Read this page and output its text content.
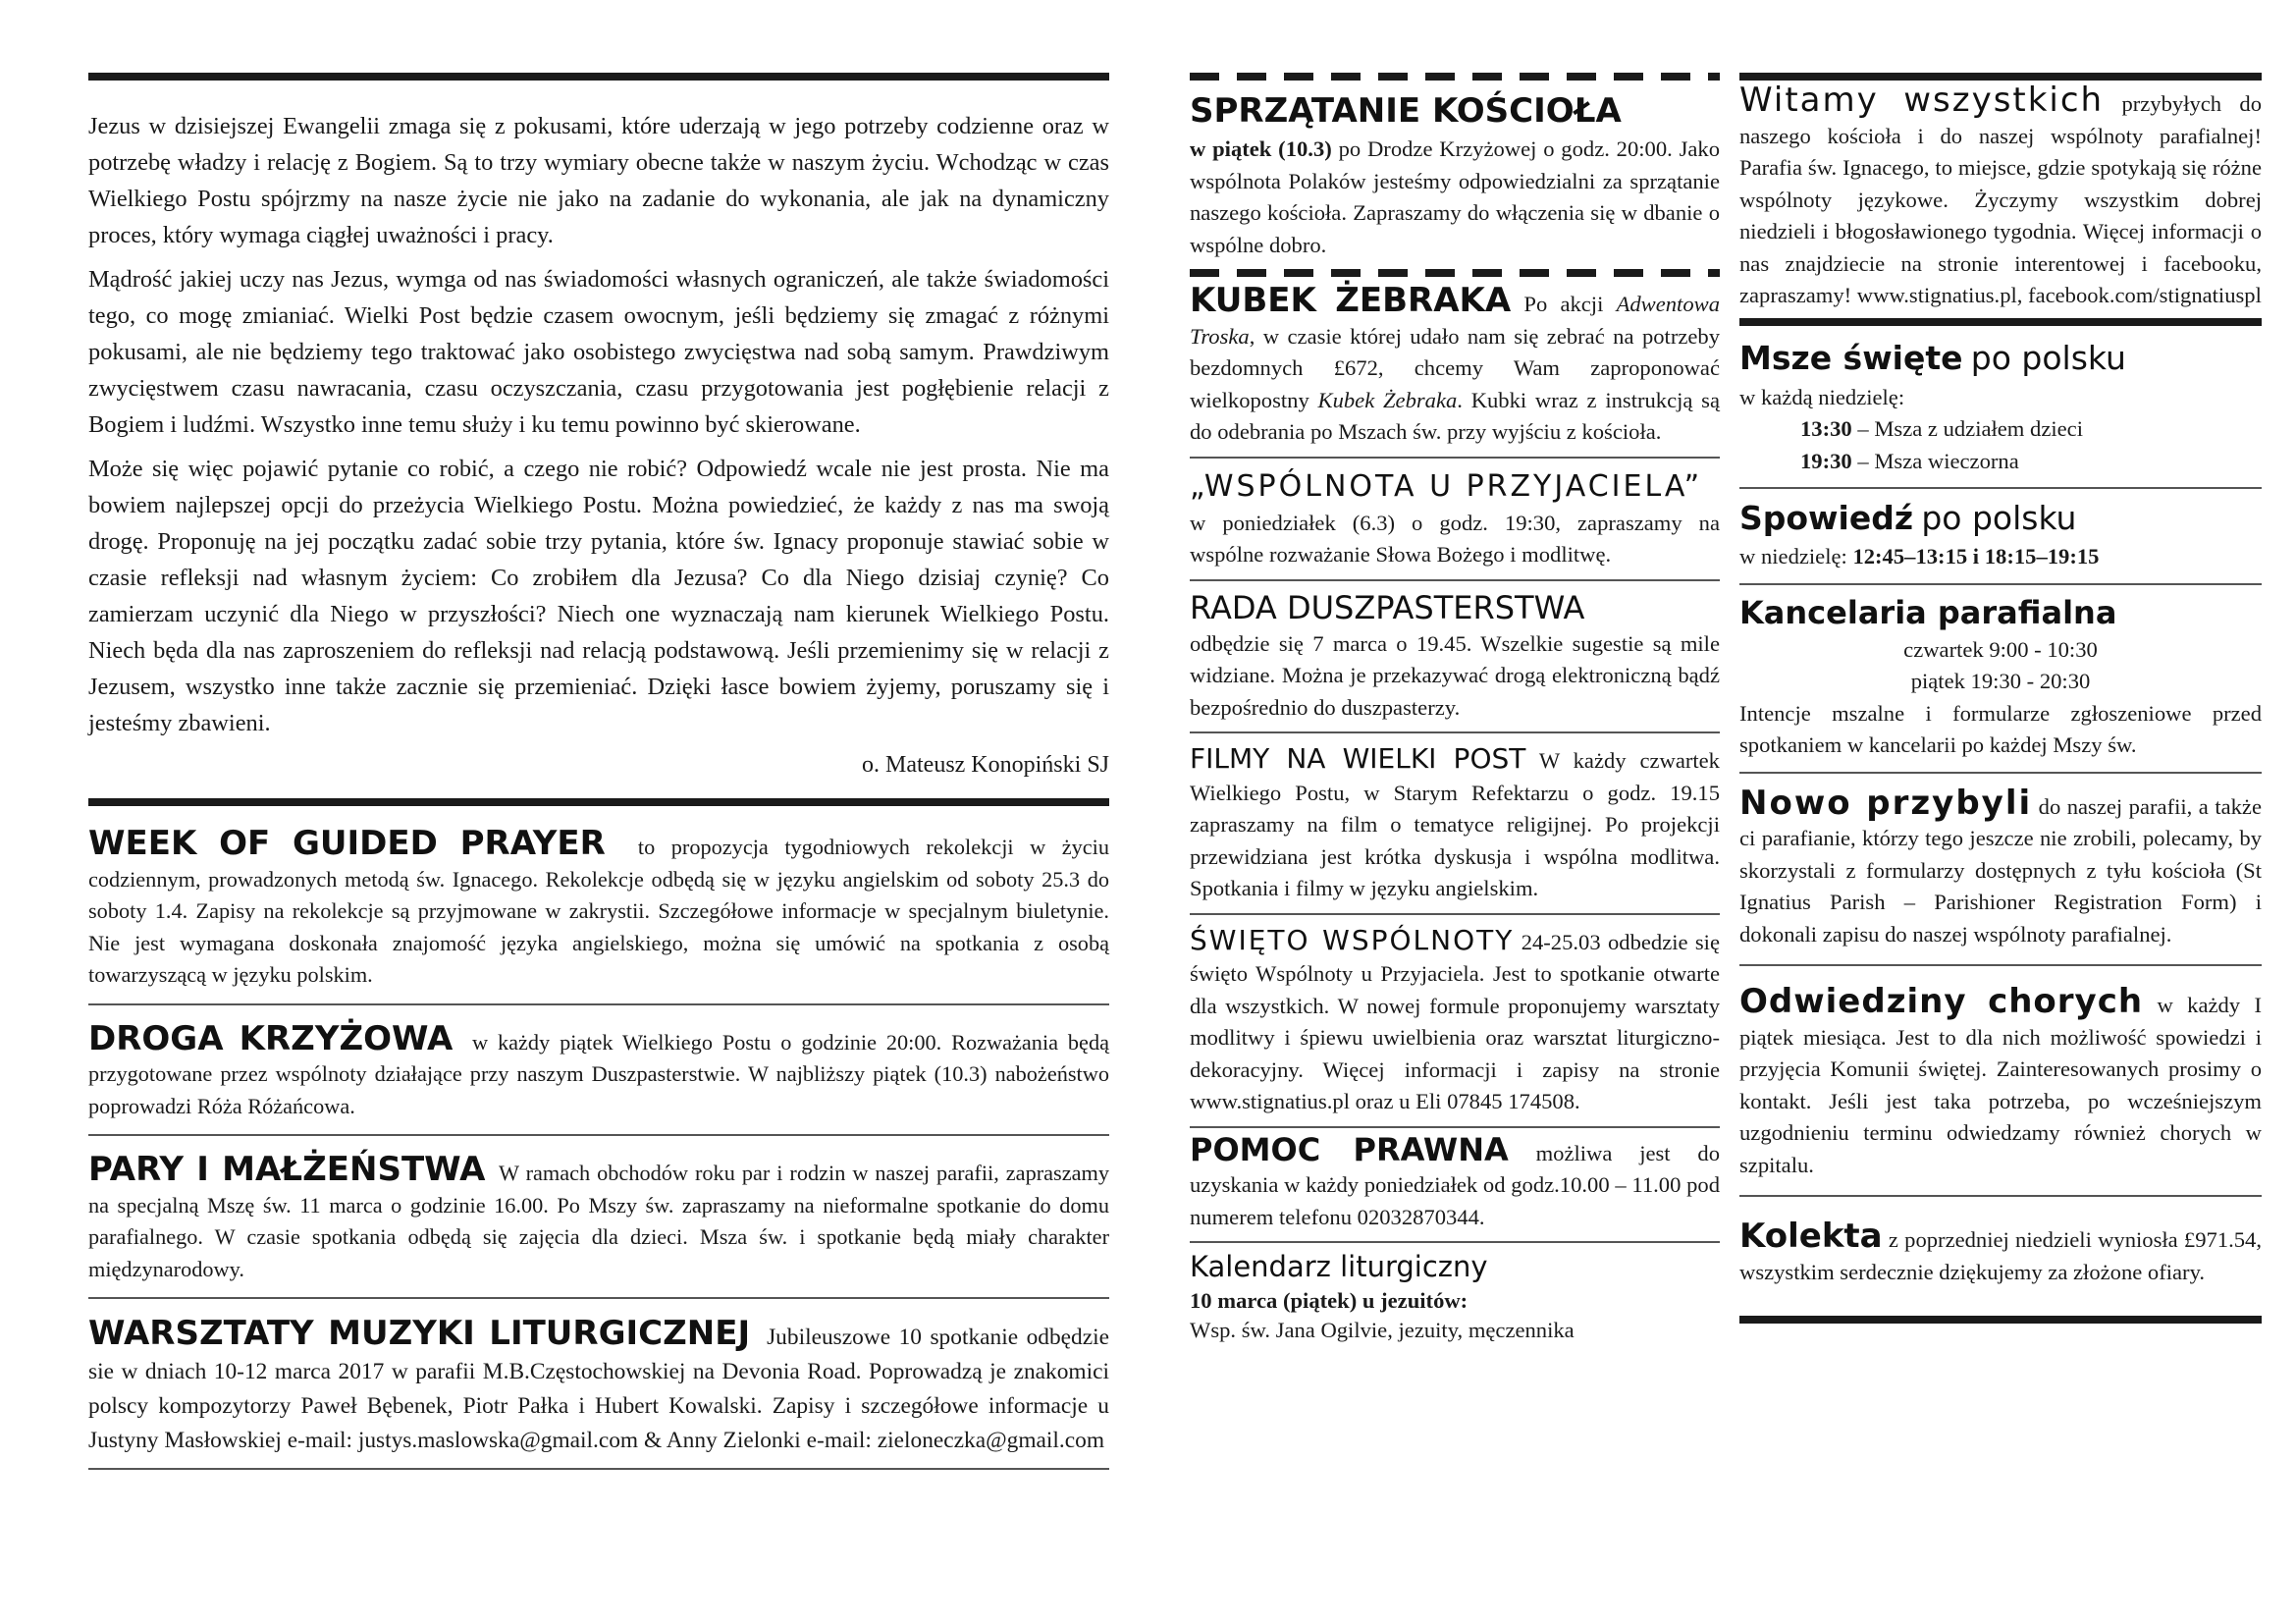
Jezus w dzisiejszej Ewangelii zmaga się z pokusami, które uderzają w jego potrzeby codzienne oraz w potrzebę władzy i relację z Bogiem. Są to trzy wymiary obecne także w naszym życiu. Wchodząc w czas Wielkiego Postu spójrzmy na nasze życie nie jako na zadanie do wykonania, ale jak na dynamiczny proces, który wymaga ciągłej uważności i pracy.

Mądrość jakiej uczy nas Jezus, wymga od nas świadomości własnych ograniczeń, ale także świadomości tego, co mogę zmianiać. Wielki Post będzie czasem owocnym, jeśli będziemy się zmagać z różnymi pokusami, ale nie będziemy tego traktować jako osobistego zwycięstwa nad sobą samym. Prawdziwym zwycięstwem czasu nawracania, czasu oczyszczania, czasu przygotowania jest pogłębienie relacji z Bogiem i ludźmi. Wszystko inne temu służy i ku temu powinno być skierowane.

Może się więc pojawić pytanie co robić, a czego nie robić? Odpowiedź wcale nie jest prosta. Nie ma bowiem najlepszej opcji do przeżycia Wielkiego Postu. Można powiedzieć, że każdy z nas ma swoją drogę. Proponuję na jej początku zadać sobie trzy pytania, które św. Ignacy proponuje stawiać sobie w czasie refleksji nad własnym życiem: Co zrobiłem dla Jezusa? Co dla Niego dzisiaj czynię? Co zamierzam uczynić dla Niego w przyszłości? Niech one wyznaczają nam kierunek Wielkiego Postu. Niech będa dla nas zaproszeniem do refleksji nad relacją podstawową. Jeśli przemienimy się w relacji z Jezusem, wszystko inne także zacznie się przemieniać. Dzięki łasce bowiem żyjemy, poruszamy się i jesteśmy zbawieni.

o. Mateusz Konopiński SJ

WEEK OF GUIDED PRAYER to propozycja tygodniowych rekolekcji w życiu codziennym, prowadzonych metodą św. Ignacego. Rekolekcje odbędą się w języku angielskim od soboty 25.3 do soboty 1.4. Zapisy na rekolekcje są przyjmowane w zakrystii. Szczegółowe informacje w specjalnym biuletynie. Nie jest wymagana doskonała znajomość języka angielskiego, można się umówić na spotkania z osobą towarzyszącą w języku polskim.

DROGA KRZYŻOWA w każdy piątek Wielkiego Postu o godzinie 20:00. Rozważania będą przygotowane przez wspólnoty działające przy naszym Duszpasterstwie. W najbliższy piątek (10.3) nabożeństwo poprowadzi Róża Różańcowa.

PARY I MAŁŻEŃSTWA W ramach obchodów roku par i rodzin w naszej parafii, zapraszamy na specjalną Mszę św. 11 marca o godzinie 16.00. Po Mszy św. zapraszamy na nieformalne spotkanie do domu parafialnego. W czasie spotkania odbędą się zajęcia dla dzieci. Msza św. i spotkanie będą miały charakter międzynarodowy.

WARSZTATY MUZYKI LITURGICZNEJ Jubileuszowe 10 spotkanie odbędzie sie w dniach 10-12 marca 2017 w parafii M.B.Częstochowskiej na Devonia Road. Poprowadzą je znakomici polscy kompozytorzy Paweł Bębenek, Piotr Pałka i Hubert Kowalski. Zapisy i szczegółowe informacje u Justyny Masłowskiej e-mail: justys.maslowska@gmail.com & Anny Zielonki e-mail: zieloneczka@gmail.com

SPRZĄTANIE KOŚCIOŁA

w piątek (10.3) po Drodze Krzyżowej o godz. 20:00. Jako wspólnota Polaków jesteśmy odpowiedzialni za sprzątanie naszego kościoła. Zapraszamy do włączenia się w dbanie o wspólne dobro.

KUBEK ŻEBRAKA Po akcji Adwentowa Troska, w czasie której udało nam się zebrać na potrzeby bezdomnych £672, chcemy Wam zaproponować wielkopostny Kubek Żebraka. Kubki wraz z instrukcją są do odebrania po Mszach św. przy wyjściu z kościoła.

„WSPÓLNOTA U PRZYJACIELA”

w poniedziałek (6.3) o godz. 19:30, zapraszamy na wspólne rozważanie Słowa Bożego i modlitwę.

RADA DUSZPASTERSTWA

odbędzie się 7 marca o 19.45. Wszelkie sugestie są mile widziane. Można je przekazywać drogą elektroniczną bądź bezpośrednio do duszpasterzy.

FILMY NA WIELKI POST W każdy czwartek Wielkiego Postu, w Starym Refektarzu o godz. 19.15 zapraszamy na film o tematyce religijnej. Po projekcji przewidziana jest krótka dyskusja i wspólna modlitwa. Spotkania i filmy w języku angielskim.

ŚWIĘTO WSPÓLNOTY 24-25.03 odbedzie się święto Wspólnoty u Przyjaciela. Jest to spotkanie otwarte dla wszystkich. W nowej formule proponujemy warsztaty modlitwy i śpiewu uwielbienia oraz warsztat liturgiczno-dekoracyjny. Więcej informacji i zapisy na stronie www.stignatius.pl oraz u Eli 07845 174508.

POMOC PRAWNA możliwa jest do uzyskania w każdy poniedziałek od godz.10.00 – 11.00 pod numerem telefonu 02032870344.

Kalendarz liturgiczny

10 marca (piątek) u jezuitów:

Wsp. św. Jana Ogilvie, jezuity, męczennika

Witamy wszystkich przybyłych do naszego kościoła i do naszej wspólnoty parafialnej! Parafia św. Ignacego, to miejsce, gdzie spotykają się różne wspólnoty językowe. Życzymy wszystkim dobrej niedzieli i błogosławionego tygodnia. Więcej informacji o nas znajdziecie na stronie interentowej i facebooku, zapraszamy! www.stignatius.pl, facebook.com/stignatiuspl

Msze święte po polsku

w każdą niedzielę:

13:30 – Msza z udziałem dzieci

19:30 – Msza wieczorna

Spowiedź po polsku

w niedzielę: 12:45–13:15 i 18:15–19:15

Kancelaria parafialna

czwartek 9:00 - 10:30

piątek 19:30 - 20:30

Intencje mszalne i formularze zgłoszeniowe przed spotkaniem w kancelarii po każdej Mszy św.

Nowo przybyli do naszej parafii, a także ci parafianie, którzy tego jeszcze nie zrobili, polecamy, by skorzystali z formularzy dostępnych z tyłu kościoła (St Ignatius Parish – Parishioner Registration Form) i dokonali zapisu do naszej wspólnoty parafialnej.

Odwiedziny chorych w każdy I piątek miesiąca. Jest to dla nich możliwość spowiedzi i przyjęcia Komunii świętej. Zainteresowanych prosimy o kontakt. Jeśli jest taka potrzeba, po wcześniejszym uzgodnieniu terminu odwiedzamy również chorych w szpitalu.

Kolekta z poprzedniej niedzieli wyniosła £971.54, wszystkim serdecznie dziękujemy za złożone ofiary.
